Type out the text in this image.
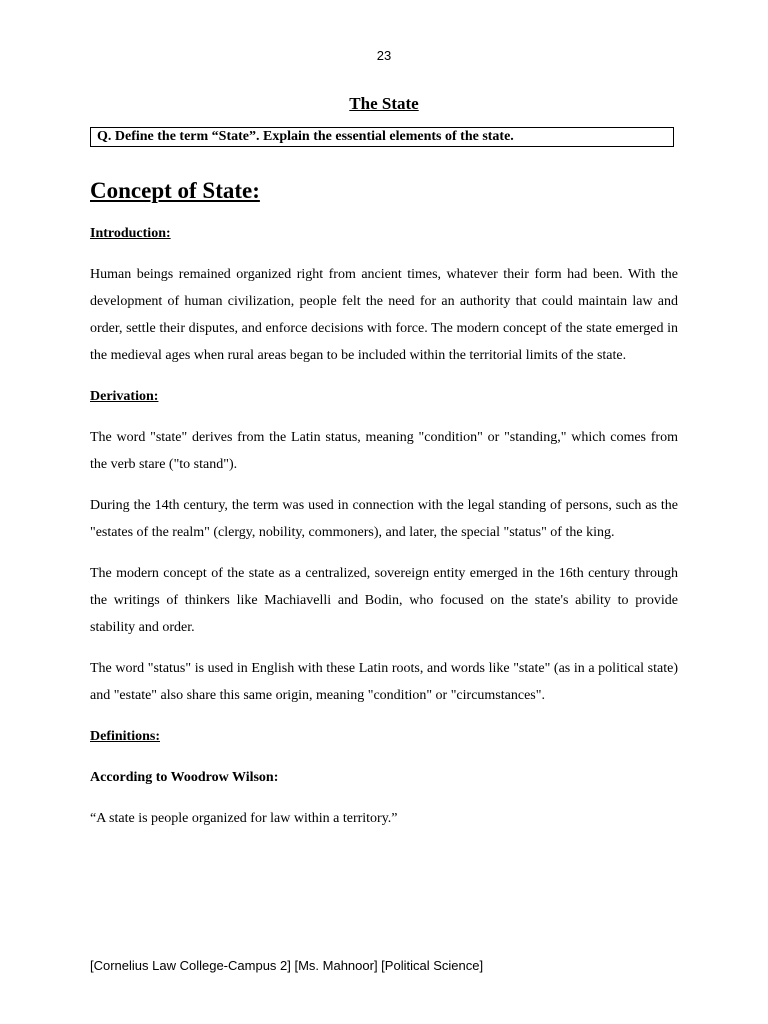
23
The State
Q. Define the term “State”. Explain the essential elements of the state.
Concept of State:
Introduction:

Human beings remained organized right from ancient times, whatever their form had been. With the development of human civilization, people felt the need for an authority that could maintain law and order, settle their disputes, and enforce decisions with force. The modern concept of the state emerged in the medieval ages when rural areas began to be included within the territorial limits of the state.

Derivation:

The word "state" derives from the Latin status, meaning "condition" or "standing," which comes from the verb stare ("to stand").

During the 14th century, the term was used in connection with the legal standing of persons, such as the "estates of the realm" (clergy, nobility, commoners), and later, the special "status" of the king.

The modern concept of the state as a centralized, sovereign entity emerged in the 16th century through the writings of thinkers like Machiavelli and Bodin, who focused on the state's ability to provide stability and order.

The word "status" is used in English with these Latin roots, and words like "state" (as in a political state) and "estate" also share this same origin, meaning "condition" or "circumstances".

Definitions:
According to Woodrow Wilson:

“A state is people organized for law within a territory.”

[Cornelius Law College-Campus 2] [Ms. Mahnoor] [Political Science]
